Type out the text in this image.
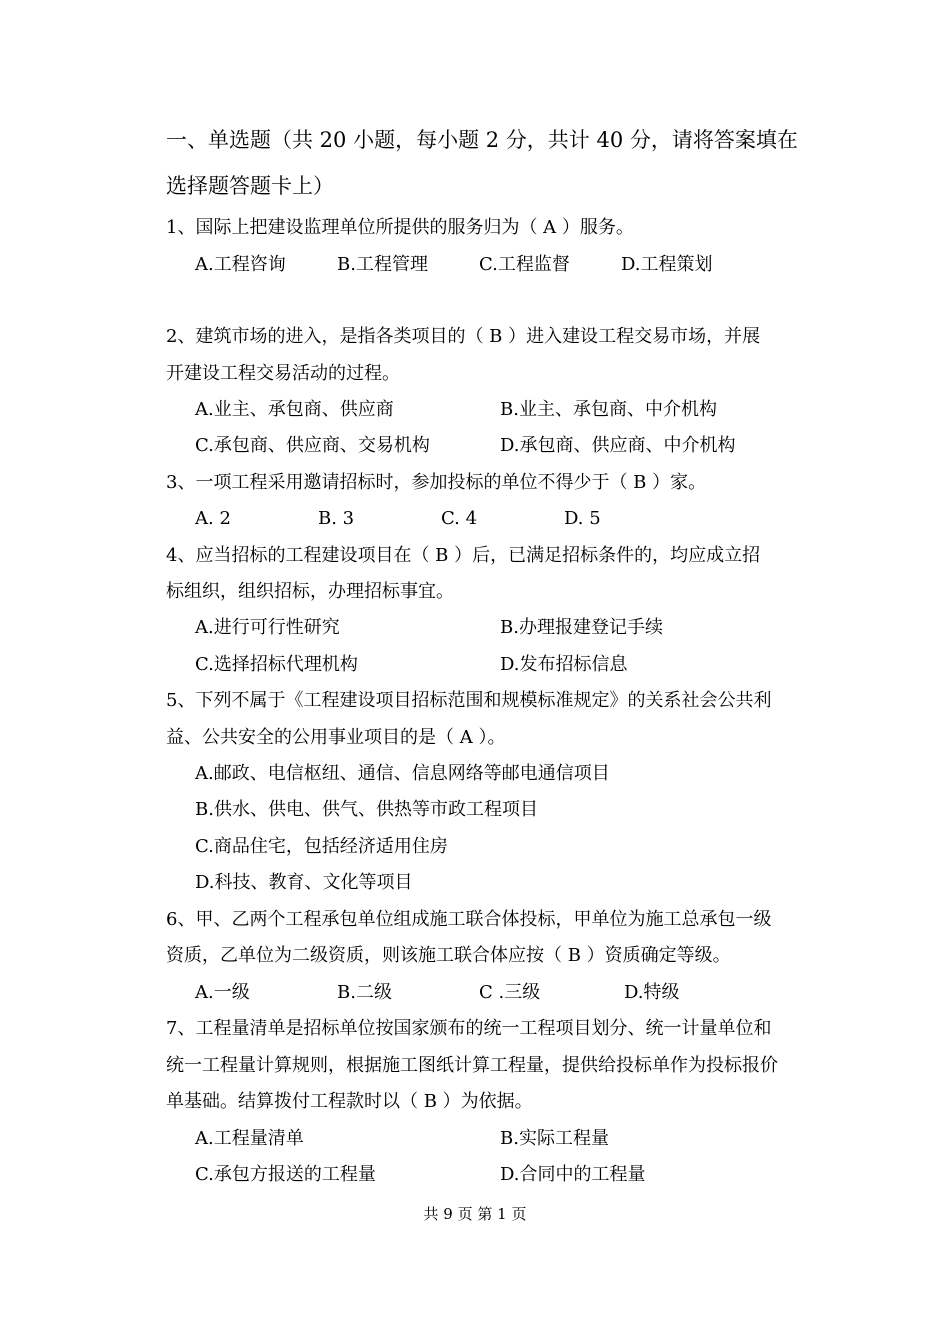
一、单选题（共 20 小题，每小题 2 分，共计 40 分，请将答案填在
选择题答题卡上）
1、国际上把建设监理单位所提供的服务归为（ A ）服务。
A.工程咨询	B.工程管理	C.工程监督	D.工程策划
2、建筑市场的进入，是指各类项目的（ B ）进入建设工程交易市场，并展
开建设工程交易活动的过程。
A.业主、承包商、供应商	B.业主、承包商、中介机构
C.承包商、供应商、交易机构	D.承包商、供应商、中介机构
3、一项工程采用邀请招标时，参加投标的单位不得少于（ B ）家。
A. 2	B. 3	C. 4	D. 5
4、应当招标的工程建设项目在（ B ）后，已满足招标条件的，均应成立招
标组织，组织招标，办理招标事宜。
A.进行可行性研究	B.办理报建登记手续
C.选择招标代理机构	D.发布招标信息
5、下列不属于《工程建设项目招标范围和规模标准规定》的关系社会公共利
益、公共安全的公用事业项目的是（ A ）。
A.邮政、电信枢纽、通信、信息网络等邮电通信项目
B.供水、供电、供气、供热等市政工程项目
C.商品住宅，包括经济适用住房
D.科技、教育、文化等项目
6、甲、乙两个工程承包单位组成施工联合体投标，甲单位为施工总承包一级
资质，乙单位为二级资质，则该施工联合体应按（ B ）资质确定等级。
A.一级	B.二级	C .三级	D.特级
7、工程量清单是招标单位按国家颁布的统一工程项目划分、统一计量单位和
统一工程量计算规则，根据施工图纸计算工程量，提供给投标单作为投标报价
单基础。结算拨付工程款时以（ B ）为依据。
A.工程量清单	B.实际工程量
C.承包方报送的工程量	D.合同中的工程量
共 9 页 第 1 页
